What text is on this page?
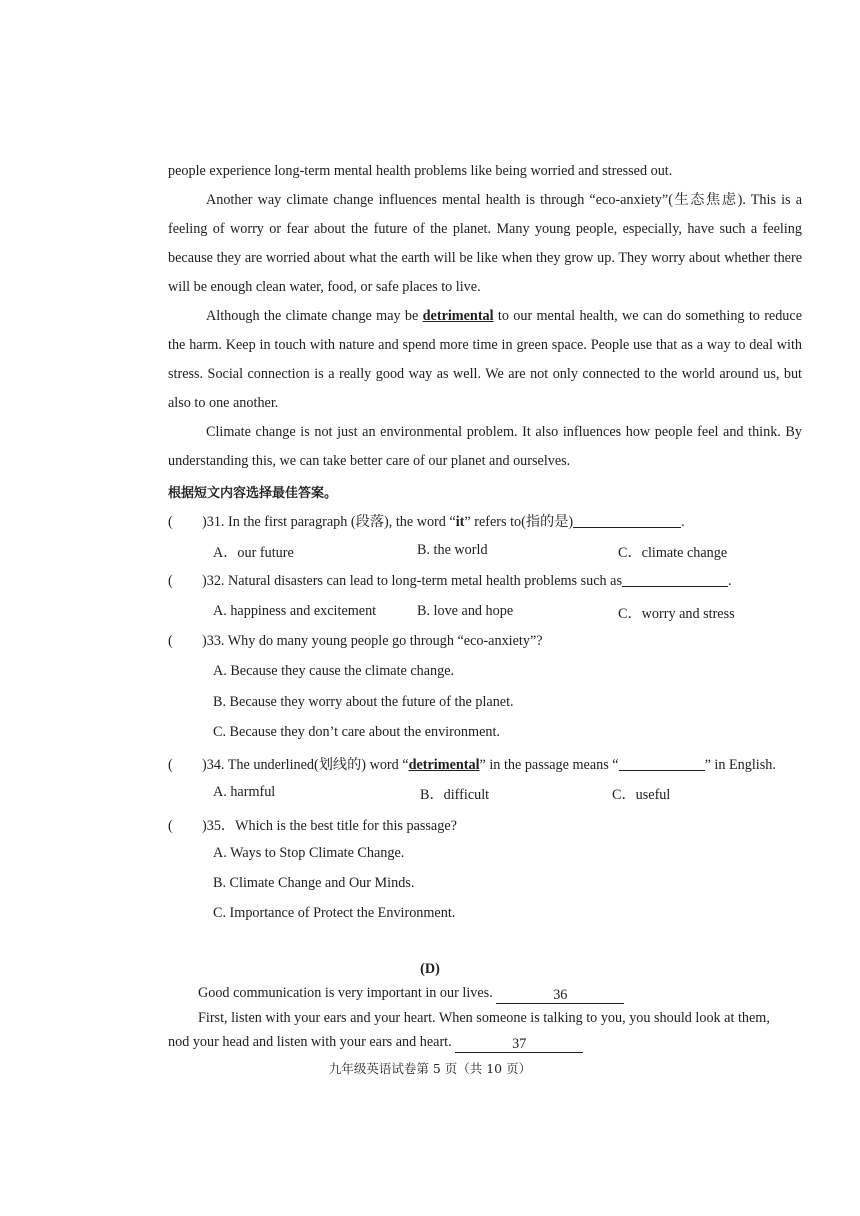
people experience long-term mental health problems like being worried and stressed out.

Another way climate change influences mental health is through “eco-anxiety”(生态焦虑). This is a feeling of worry or fear about the future of the planet. Many young people, especially, have such a feeling because they are worried about what the earth will be like when they grow up. They worry about whether there will be enough clean water, food, or safe places to live.

Although the climate change may be detrimental to our mental health, we can do something to reduce the harm. Keep in touch with nature and spend more time in green space. People use that as a way to deal with stress. Social connection is a really good way as well. We are not only connected to the world around us, but also to one another.

Climate change is not just an environmental problem. It also influences how people feel and think. By understanding this, we can take better care of our planet and ourselves.

根据短文内容选择最佳答案。
( )31. In the first paragraph (段落), the word “it” refers to(指的是)	.
A．our future	B. the world	C．climate change
( )32. Natural disasters can lead to long-term metal health problems such as	.
A. happiness and excitement	B. love and hope	C．worry and stress
( )33. Why do many young people go through “eco-anxiety”?
A. Because they cause the climate change.
B. Because they worry about the future of the planet.
C. Because they don’t care about the environment.
( )34. The underlined(划线的) word “detrimental” in the passage means “	” in English.
A. harmful	B．difficult	C．useful
( )35．Which is the best title for this passage?
A. Ways to Stop Climate Change.
B. Climate Change and Our Minds.
C. Importance of Protect the Environment.
(D)
Good communication is very important in our lives.	36
First, listen with your ears and your heart. When someone is talking to you, you should look at them,
nod your head and listen with your ears and heart.	37
九年级英语试卷第 5 页（共 10 页）
